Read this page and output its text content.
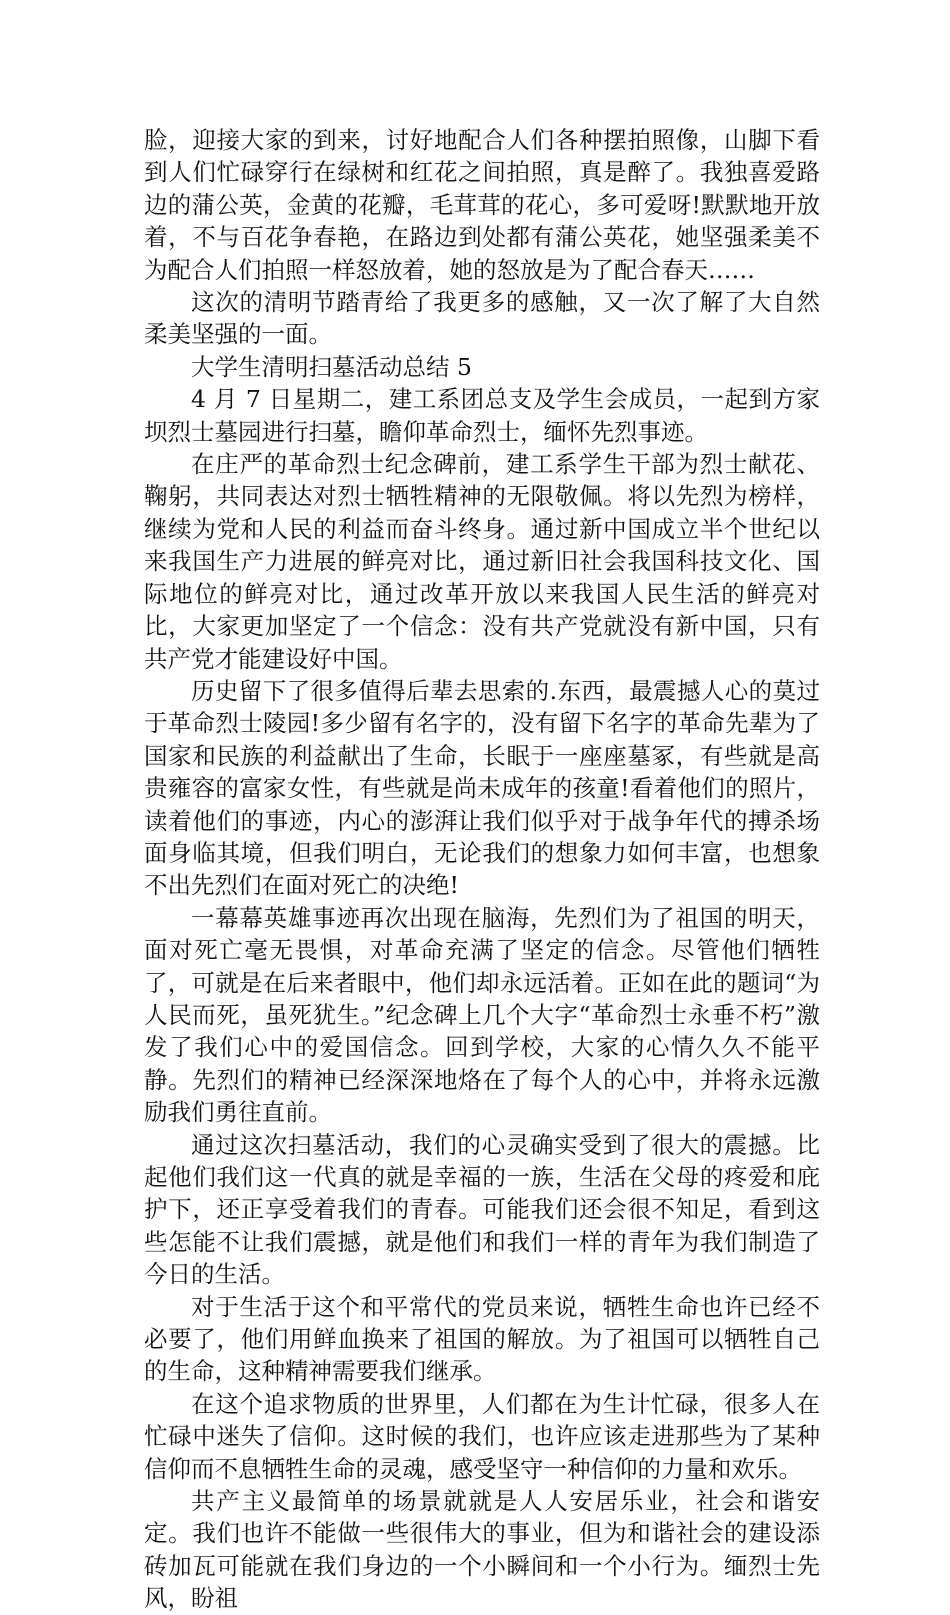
脸，迎接大家的到来，讨好地配合人们各种摆拍照像，山脚下看到人们忙碌穿行在绿树和红花之间拍照，真是醉了。我独喜爱路边的蒲公英，金黄的花瓣，毛茸茸的花心，多可爱呀!默默地开放着，不与百花争春艳，在路边到处都有蒲公英花，她坚强柔美不为配合人们拍照一样怒放着，她的怒放是为了配合春天……

这次的清明节踏青给了我更多的感触，又一次了解了大自然柔美坚强的一面。

大学生清明扫墓活动总结 5

4 月 7 日星期二，建工系团总支及学生会成员，一起到方家坝烈士墓园进行扫墓，瞻仰革命烈士，缅怀先烈事迹。

在庄严的革命烈士纪念碑前，建工系学生干部为烈士献花、鞠躬，共同表达对烈士牺牲精神的无限敬佩。将以先烈为榜样，继续为党和人民的利益而奋斗终身。通过新中国成立半个世纪以来我国生产力进展的鲜亮对比，通过新旧社会我国科技文化、国际地位的鲜亮对比，通过改革开放以来我国人民生活的鲜亮对比，大家更加坚定了一个信念：没有共产党就没有新中国，只有共产党才能建设好中国。

历史留下了很多值得后辈去思索的.东西，最震撼人心的莫过于革命烈士陵园!多少留有名字的，没有留下名字的革命先辈为了国家和民族的利益献出了生命，长眠于一座座墓冢，有些就是高贵雍容的富家女性，有些就是尚未成年的孩童!看着他们的照片，读着他们的事迹，内心的澎湃让我们似乎对于战争年代的搏杀场面身临其境，但我们明白，无论我们的想象力如何丰富，也想象不出先烈们在面对死亡的决绝!

一幕幕英雄事迹再次出现在脑海，先烈们为了祖国的明天，面对死亡毫无畏惧，对革命充满了坚定的信念。尽管他们牺牲了，可就是在后来者眼中，他们却永远活着。正如在此的题词“为人民而死，虽死犹生。”纪念碑上几个大字“革命烈士永垂不朽”激发了我们心中的爱国信念。回到学校，大家的心情久久不能平静。先烈们的精神已经深深地烙在了每个人的心中，并将永远激励我们勇往直前。

通过这次扫墓活动，我们的心灵确实受到了很大的震撼。比起他们我们这一代真的就是幸福的一族，生活在父母的疼爱和庇护下，还正享受着我们的青春。可能我们还会很不知足，看到这些怎能不让我们震撼，就是他们和我们一样的青年为我们制造了今日的生活。

对于生活于这个和平常代的党员来说，牺牲生命也许已经不必要了，他们用鲜血换来了祖国的解放。为了祖国可以牺牲自己的生命，这种精神需要我们继承。

在这个追求物质的世界里，人们都在为生计忙碌，很多人在忙碌中迷失了信仰。这时候的我们，也许应该走进那些为了某种信仰而不息牺牲生命的灵魂，感受坚守一种信仰的力量和欢乐。

共产主义最简单的场景就就是人人安居乐业，社会和谐安定。我们也许不能做一些很伟大的事业，但为和谐社会的建设添砖加瓦可能就在我们身边的一个小瞬间和一个小行为。缅烈士先风，盼祖
